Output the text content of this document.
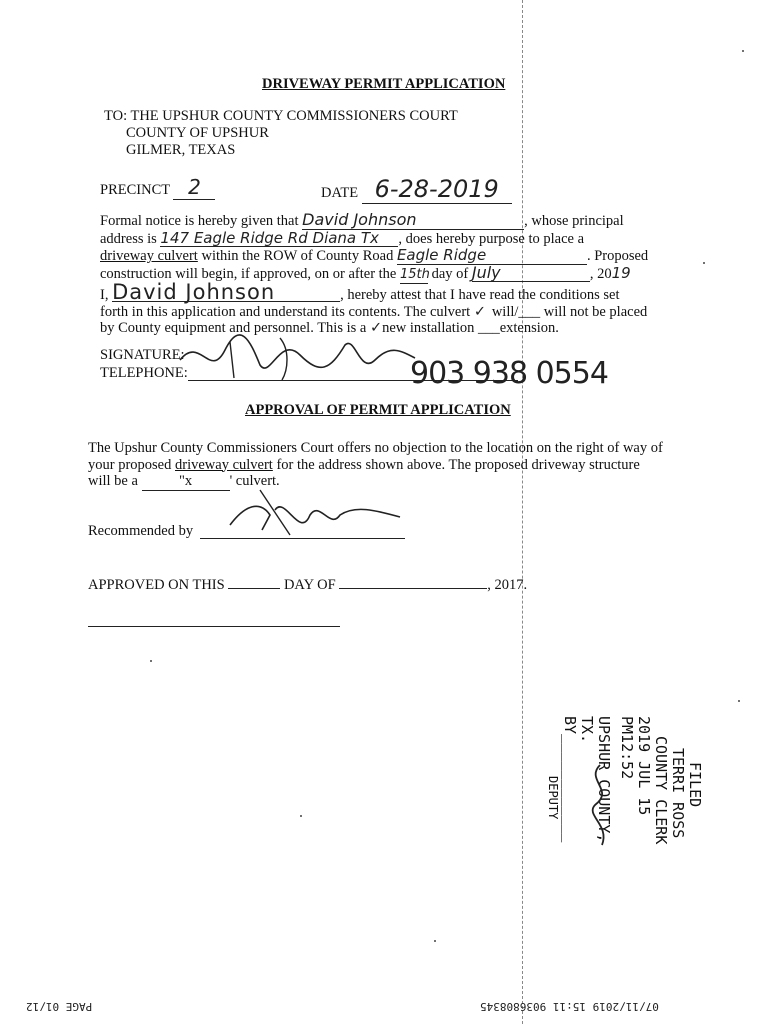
DRIVEWAY PERMIT APPLICATION
TO: THE UPSHUR COUNTY COMMISSIONERS COURT
COUNTY OF UPSHUR
GILMER, TEXAS
PRECINCT 2	DATE 6-28-2019
Formal notice is hereby given that David Johnson	, whose principal
address is 147 Eagle Ridge Rd Diana Tx , does hereby purpose to place a
driveway culvert within the ROW of County Road Eagle Ridge	. Proposed
construction will begin, if approved, on or after the 15th day of July	, 2019
I, David Johnson	, hereby attest that I have read the conditions set
forth in this application and understand its contents. The culvert ✓ will/___ will not be placed
by County equipment and personnel. This is a ✓new installation ___extension.
SIGNATURE:
TELEPHONE:	903 938 0554
APPROVAL OF PERMIT APPLICATION
The Upshur County Commissioners Court offers no objection to the location on the right of way of
your proposed driveway culvert for the address shown above. The proposed driveway structure
will be a	"x	' culvert.
Recommended by
APPROVED ON THIS	DAY OF	, 2017.
FILED
TERRI ROSS
COUNTY CLERK
2019 JUL 15 PM12:52
UPSHUR COUNTY, TX.
BY____________
DEPUTY
07/11/2019 15:11 9036808345
PAGE 01/12
